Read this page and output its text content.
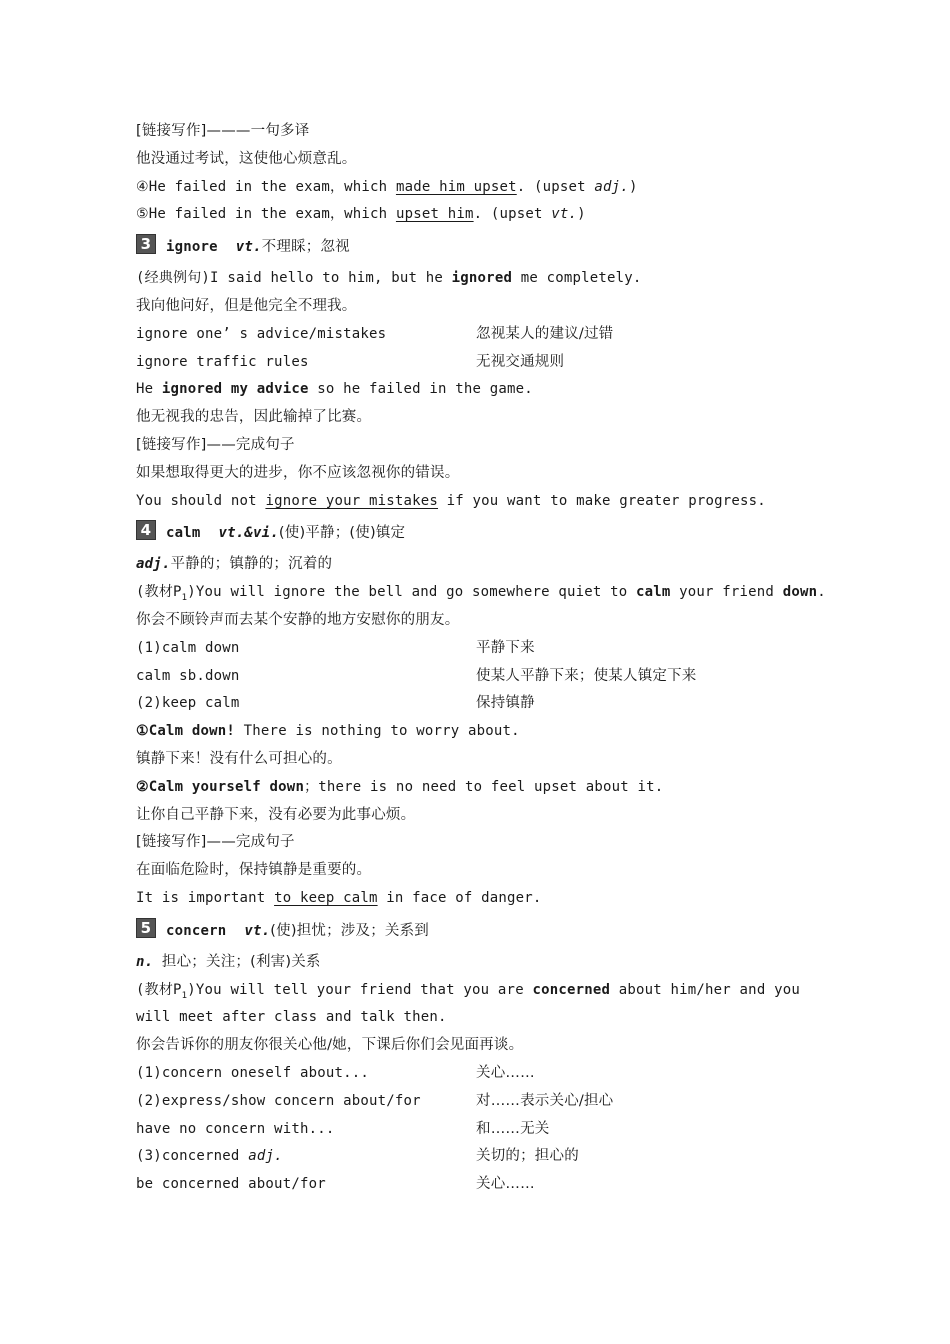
[链接写作]———一句多译
他没通过考试，这使他心烦意乱。
④He failed in the exam，which made him upset. (upset adj.)
⑤He failed in the exam，which upset him. (upset vt.)
3	ignore vt. 不理睬；忽视
(经典例句)I said hello to him, but he ignored me completely.
我向他问好，但是他完全不理我。
ignore one’ s advice/mistakes	忽视某人的建议/过错
ignore traffic rules	无视交通规则
He ignored my advice so he failed in the game.
他无视我的忠告，因此输掉了比赛。
[链接写作]——完成句子
如果想取得更大的进步，你不应该忽视你的错误。
You should not ignore your mistakes if you want to make greater progress.
4	calm vt.&vi. (使)平静；(使)镇定
adj.平静的；镇静的；沉着的
(教材$P_1)You$ will ignore the bell and go somewhere quiet to calm your friend down.
你会不顾铃声而去某个安静的地方安慰你的朋友。
(1)calm down	平静下来
calm sb.down	使某人平静下来；使某人镇定下来
(2)keep calm	保持镇静
①Calm down! There is nothing to worry about.
镇静下来！没有什么可担心的。
②Calm yourself down；there is no need to feel upset about it.
让你自己平静下来，没有必要为此事心烦。
[链接写作]——完成句子
在面临危险时，保持镇静是重要的。
It is important to keep calm in face of danger.
5	concern vt. (使)担忧；涉及；关系到
n. 担心；关注；(利害)关系
(教材$P_1)You$ will tell your friend that you are concerned about him/her and you
will meet after class and talk then.
你会告诉你的朋友你很关心他/她，下课后你们会见面再谈。
(1)concern oneself about...	关心……
(2)express/show concern about/for	对……表示关心/担心
have no concern with...	和……无关
(3)concerned adj.	关切的；担心的
be concerned about/for	关心……
